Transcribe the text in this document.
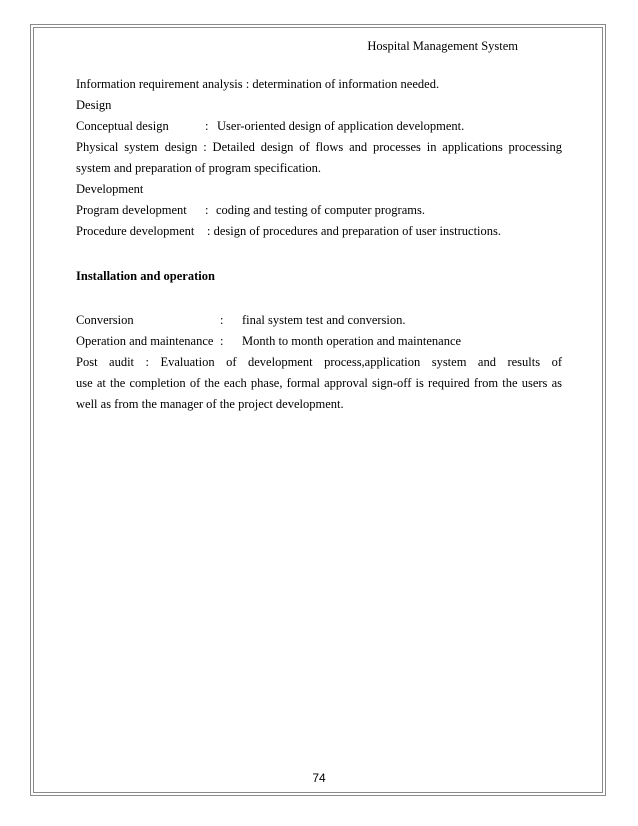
Hospital Management System
Information requirement analysis : determination of information needed.
Design
Conceptual design	: User-oriented design of application development.
Physical system design : Detailed design of flows and processes in applications processing
system and preparation of program specification.
Development
Program development	: coding and testing of computer programs.
Procedure development	: design of procedures and preparation of user instructions.
Installation and operation
Conversion	:	final system test and conversion.
Operation and maintenance :	Month to month operation and maintenance
Post audit : Evaluation of development process,application system and results of
use at the completion of the each phase, formal approval sign-off is required from the users as
well as from the manager of the project development.
74
